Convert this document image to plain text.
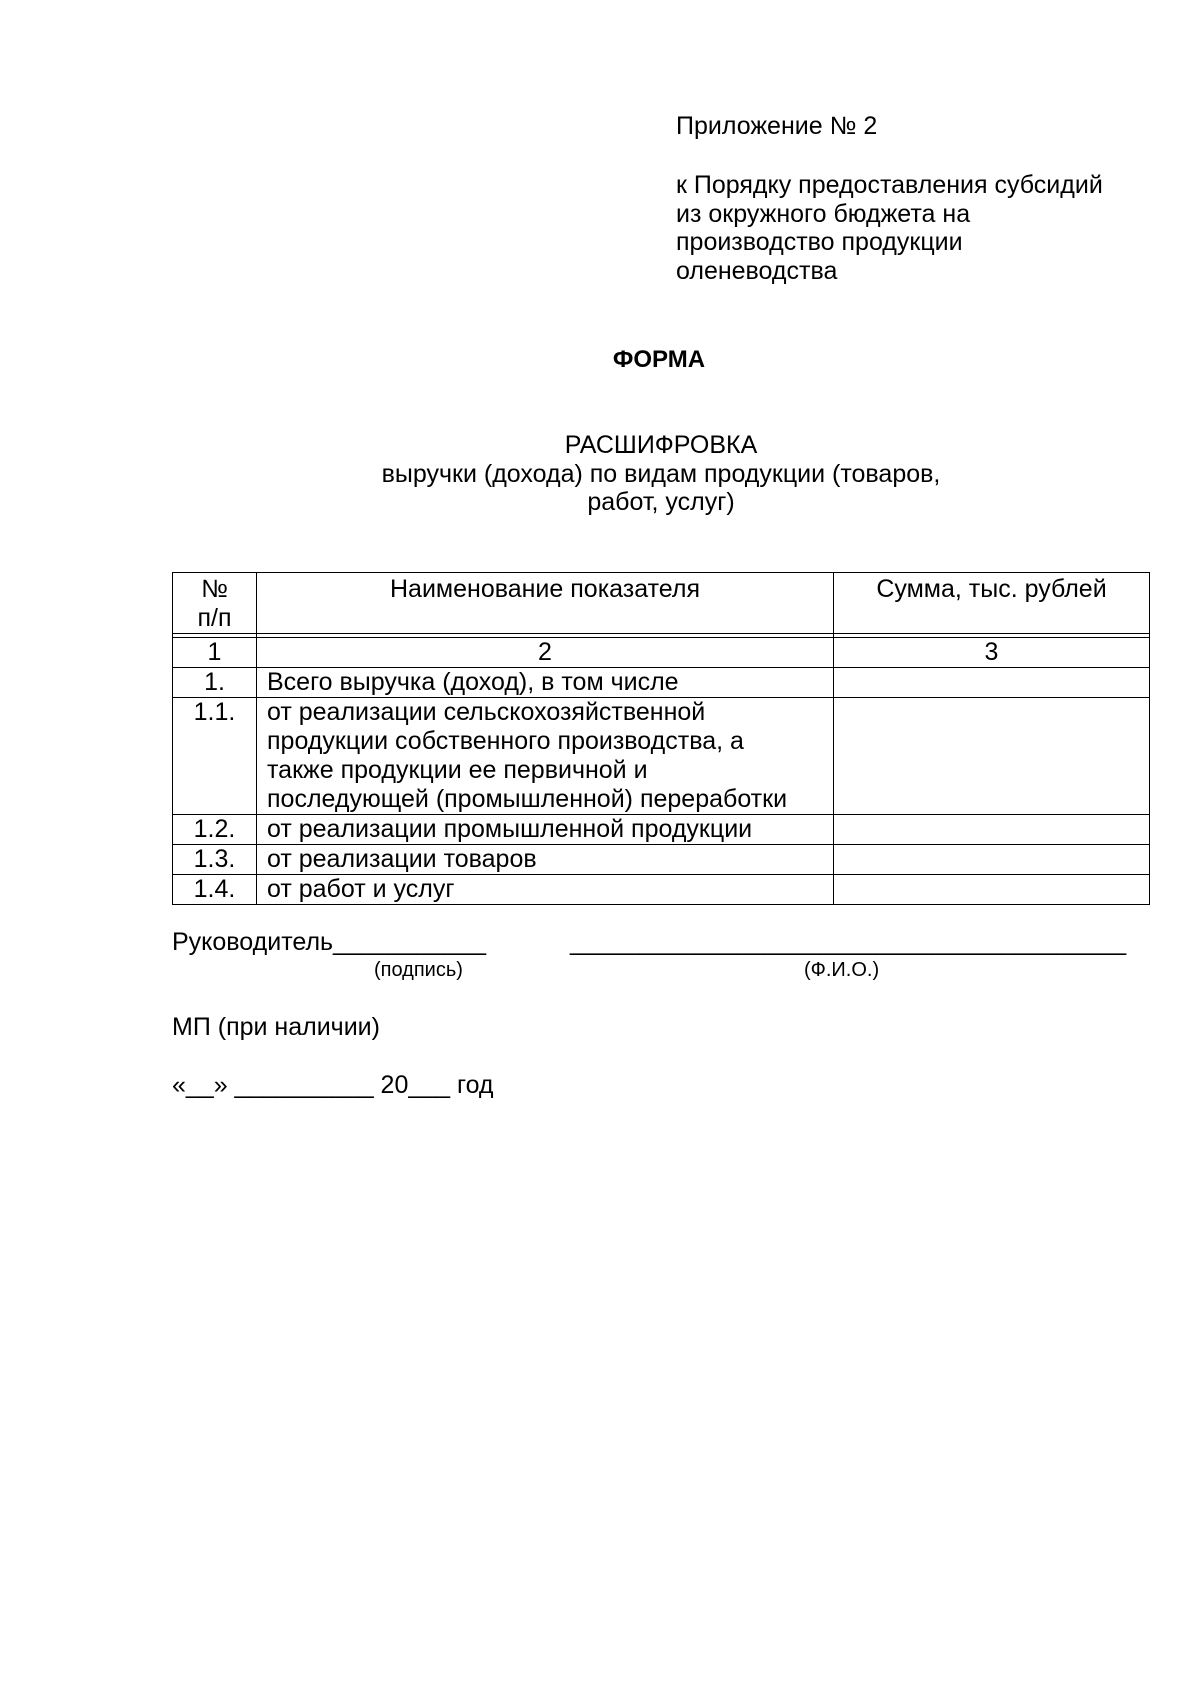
Приложение № 2
к Порядку предоставления субсидий
из окружного бюджета на
производство продукции
оленеводства
ФОРМА
РАСШИФРОВКА
выручки (дохода) по видам продукции (товаров,
работ, услуг)
№
п/п	Наименование показателя	Сумма, тыс. рублей

1	2	3
1.	Всего выручка (доход), в том числе	

1.1.	от реализации сельскохозяйственной
продукции собственного производства, а
также продукции ее первичной и
последующей (промышленной) переработки	

1.2.	от реализации промышленной продукции	

1.3.	от реализации товаров	

1.4.	от работ и услуг	

Руководитель___________	________________________________________
(подпись)	(Ф.И.О.)
МП (при наличии)
«__» __________ 20___ год
